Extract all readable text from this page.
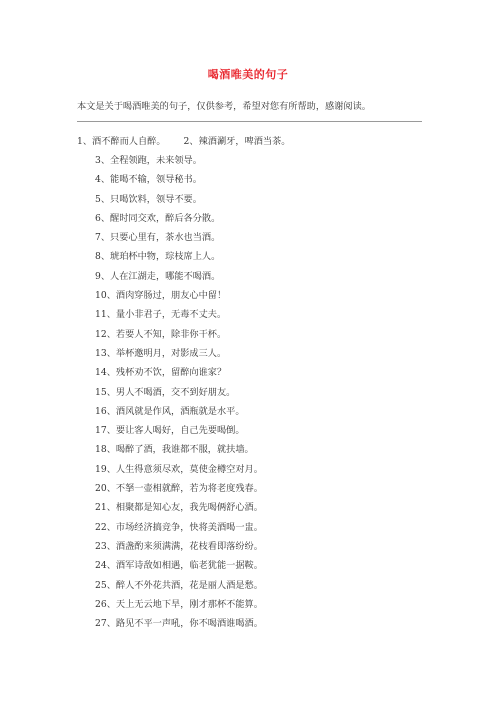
喝酒唯美的句子
本文是关于喝酒唯美的句子，仅供参考，希望对您有所帮助，感谢阅读。
1、酒不醉而人自醉。 2、辣酒涮牙，啤酒当茶。
3、全程领跑，未来领导。
4、能喝不输，领导秘书。
5、只喝饮料，领导不要。
6、醒时同交欢，醉后各分散。
7、只要心里有，茶水也当酒。
8、琥珀杯中物，琮枝席上人。
9、人在江湖走，哪能不喝酒。
10、酒肉穿肠过，朋友心中留！
11、量小非君子，无毒不丈夫。
12、若要人不知，除非你干杯。
13、举杯邀明月，对影成三人。
14、残杯劝不饮，留醉向谁家？
15、男人不喝酒，交不到好朋友。
16、酒风就是作风，酒瓶就是水平。
17、要让客人喝好，自己先要喝倒。
18、喝醉了酒，我谁都不服，就扶墙。
19、人生得意须尽欢，莫使金樽空对月。
20、不拏一壶相就醉，若为将老度残春。
21、相聚都是知心友，我先喝俩舒心酒。
22、市场经济搞竞争，快将美酒喝一盅。
23、酒盏酌来须满满，花枝看即落纷纷。
24、酒军诗敌如相遇，临老犹能一据鞍。
25、醉人不外花共酒，花是丽人酒是愁。
26、天上无云地下旱，刚才那杯不能算。
27、路见不平一声吼，你不喝酒谁喝酒。
